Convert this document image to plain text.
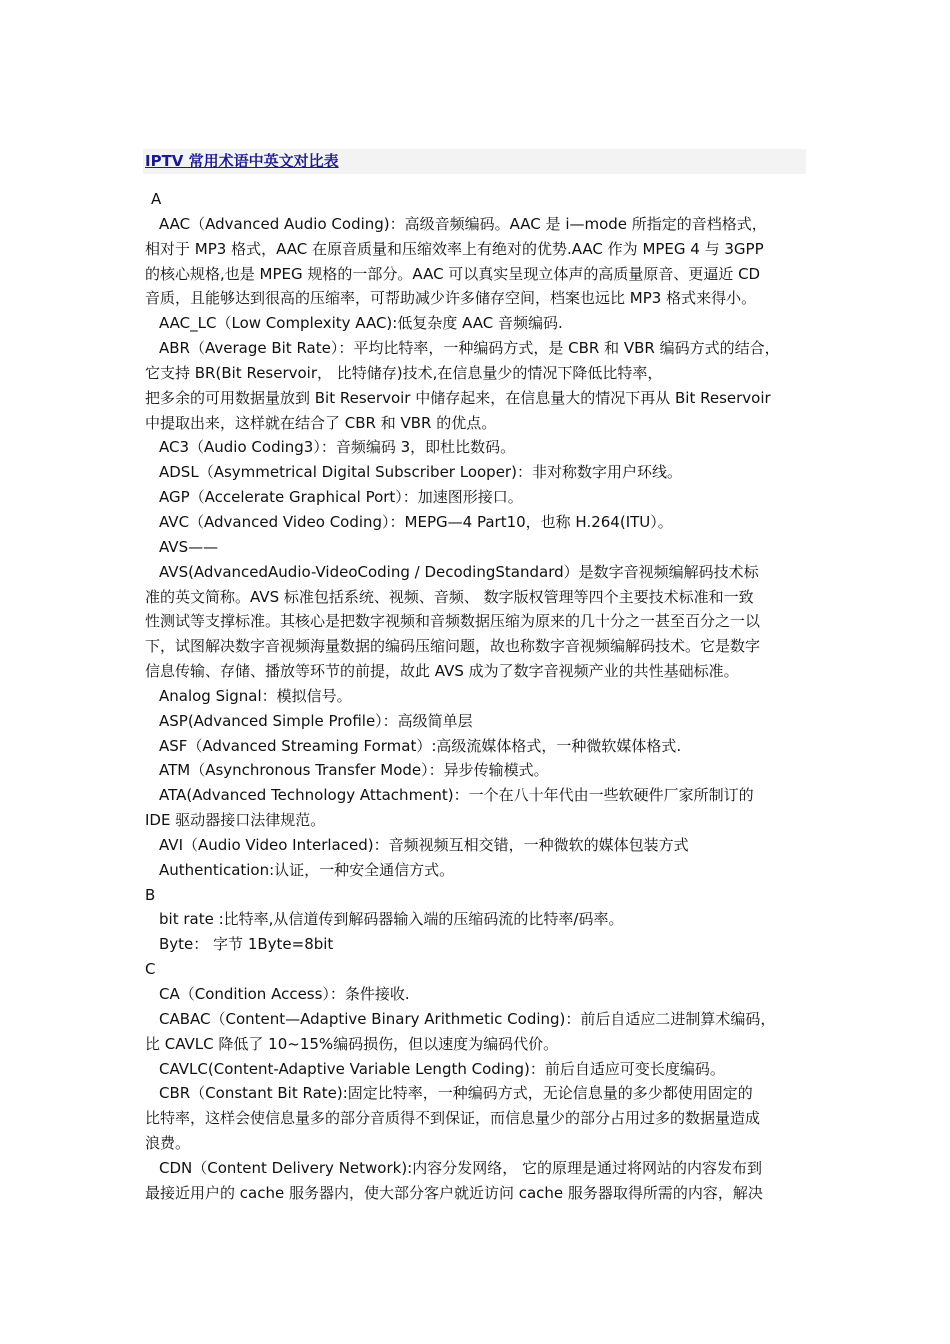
IPTV 常用术语中英文对比表
A
AAC（Advanced Audio Coding)：高级音频编码。AAC 是 i—mode 所指定的音档格式，
相对于 MP3 格式，AAC 在原音质量和压缩效率上有绝对的优势.AAC 作为 MPEG 4 与 3GPP
的核心规格,也是 MPEG 规格的一部分。AAC 可以真实呈现立体声的高质量原音、更逼近 CD
音质，且能够达到很高的压缩率，可帮助减少许多储存空间，档案也远比 MP3 格式来得小。
AAC_LC（Low Complexity AAC):低复杂度 AAC 音频编码.
ABR（Average Bit Rate）：平均比特率，一种编码方式，是 CBR 和 VBR 编码方式的结合，
它支持 BR(Bit Reservoir， 比特储存)技术,在信息量少的情况下降低比特率，
把多余的可用数据量放到 Bit Reservoir 中储存起来，在信息量大的情况下再从 Bit Reservoir
中提取出来，这样就在结合了 CBR 和 VBR 的优点。
AC3（Audio Coding3）：音频编码 3，即杜比数码。
ADSL（Asymmetrical Digital Subscriber Looper)：非对称数字用户环线。
AGP（Accelerate Graphical Port）：加速图形接口。
AVC（Advanced Video Coding）：MEPG—4 Part10，也称 H.264(ITU）。
AVS——
AVS(AdvancedAudio-VideoCoding / DecodingStandard）是数字音视频编解码技术标
准的英文简称。AVS 标准包括系统、视频、音频、 数字版权管理等四个主要技术标准和一致
性测试等支撑标准。其核心是把数字视频和音频数据压缩为原来的几十分之一甚至百分之一以
下，试图解决数字音视频海量数据的编码压缩问题，故也称数字音视频编解码技术。它是数字
信息传输、存储、播放等环节的前提，故此 AVS 成为了数字音视频产业的共性基础标准。
Analog Signal：模拟信号。
ASP(Advanced Simple Profile）：高级简单层
ASF（Advanced Streaming Format）:高级流媒体格式，一种微软媒体格式.
ATM（Asynchronous Transfer Mode）：异步传输模式。
ATA(Advanced Technology Attachment)：一个在八十年代由一些软硬件厂家所制订的
IDE 驱动器接口法律规范。
AVI（Audio Video Interlaced)：音频视频互相交错，一种微软的媒体包装方式
Authentication:认证，一种安全通信方式。
B
bit rate :比特率,从信道传到解码器输入端的压缩码流的比特率/码率。
Byte： 字节 1Byte=8bit
C
CA（Condition Access）：条件接收.
CABAC（Content—Adaptive Binary Arithmetic Coding)：前后自适应二进制算术编码，
比 CAVLC 降低了 10~15%编码损伤，但以速度为编码代价。
CAVLC(Content-Adaptive Variable Length Coding)：前后自适应可变长度编码。
CBR（Constant Bit Rate):固定比特率，一种编码方式，无论信息量的多少都使用固定的
比特率，这样会使信息量多的部分音质得不到保证，而信息量少的部分占用过多的数据量造成
浪费。
CDN（Content Delivery Network):内容分发网络， 它的原理是通过将网站的内容发布到
最接近用户的 cache 服务器内，使大部分客户就近访问 cache 服务器取得所需的内容，解决
